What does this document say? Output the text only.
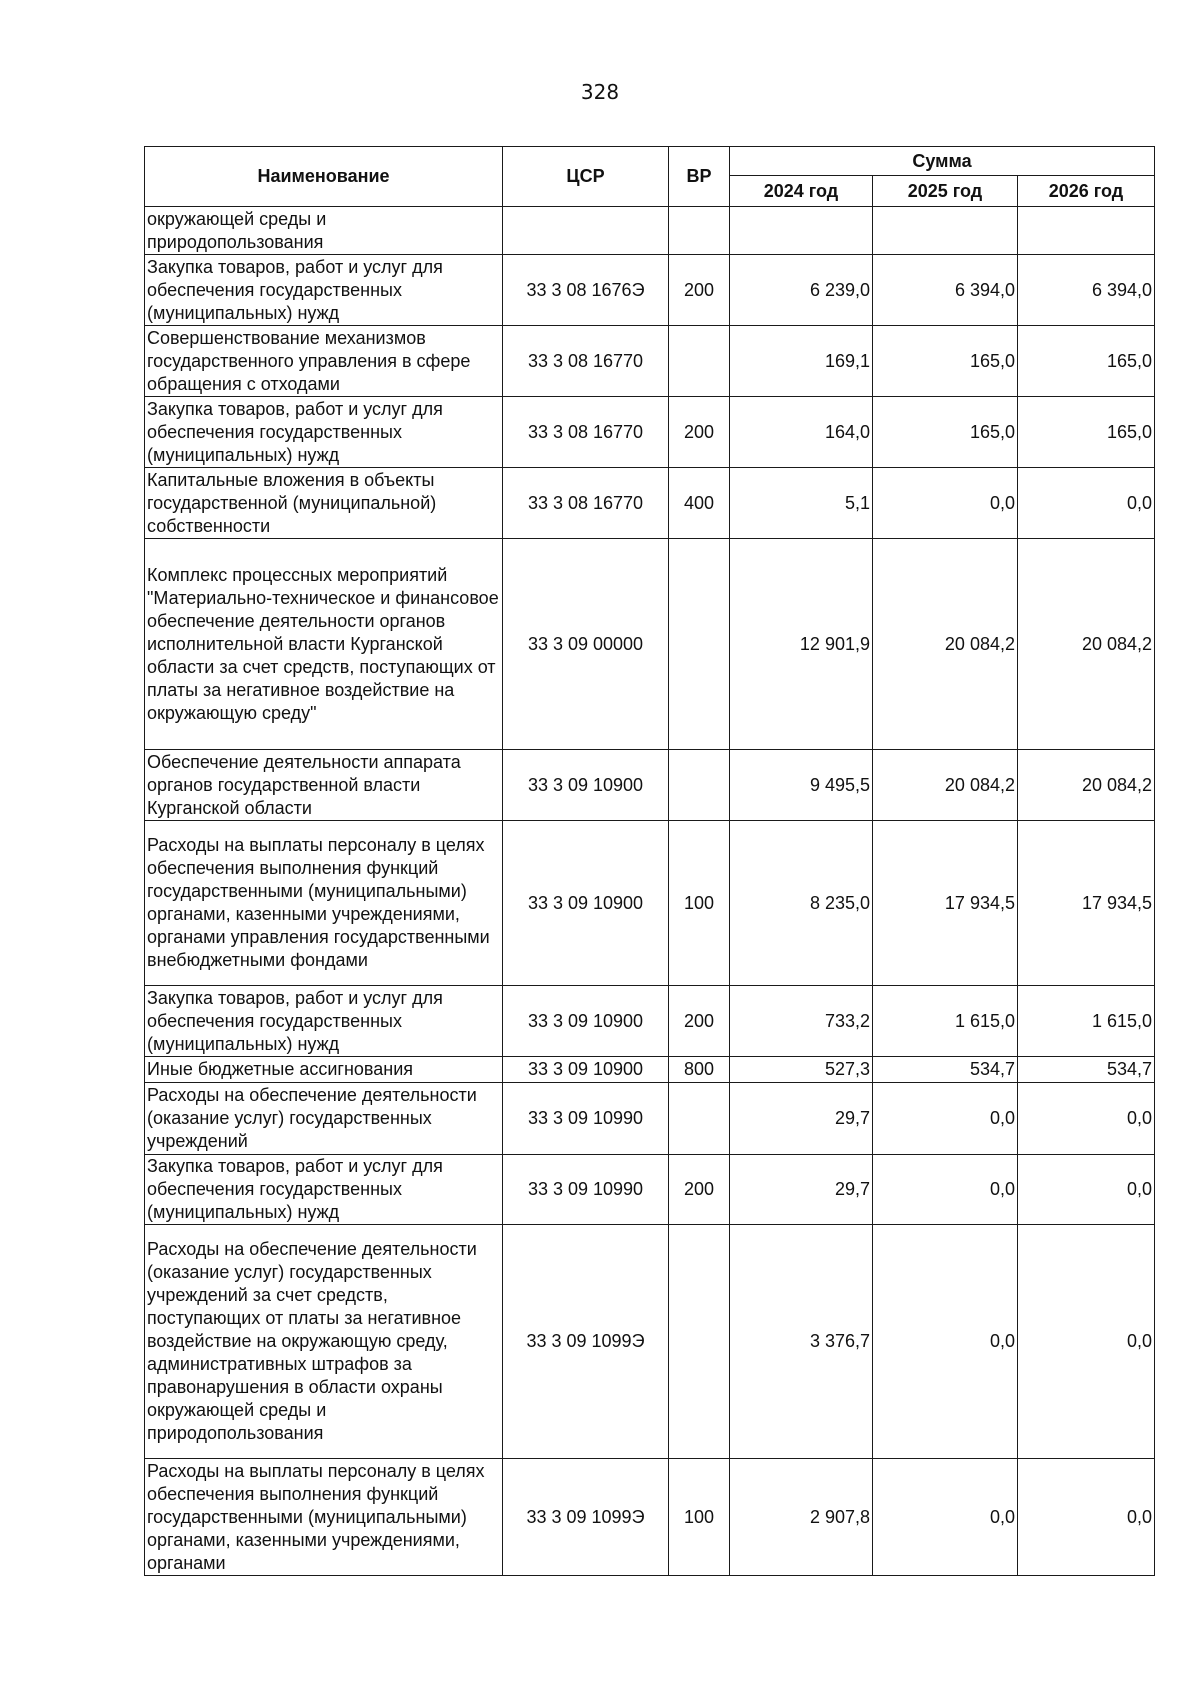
328
Наименование	ЦСР	ВР	Сумма		
			2024 год	2025 год	2026 год
окружающей среды и природопользования					
Закупка товаров, работ и услуг для обеспечения государственных (муниципальных) нужд	33 3 08 1676Э	200	6 239,0	6 394,0	6 394,0
Совершенствование механизмов государственного управления в сфере обращения с отходами	33 3 08 16770		169,1	165,0	165,0
Закупка товаров, работ и услуг для обеспечения государственных (муниципальных) нужд	33 3 08 16770	200	164,0	165,0	165,0
Капитальные вложения в объекты государственной (муниципальной) собственности	33 3 08 16770	400	5,1	0,0	0,0
Комплекс процессных мероприятий "Материально-техническое и финансовое обеспечение деятельности органов исполнительной власти Курганской области за счет средств, поступающих от платы за негативное воздействие на окружающую среду"	33 3 09 00000		12 901,9	20 084,2	20 084,2
Обеспечение деятельности аппарата органов государственной власти Курганской области	33 3 09 10900		9 495,5	20 084,2	20 084,2
Расходы на выплаты персоналу в целях обеспечения выполнения функций государственными (муниципальными) органами, казенными учреждениями, органами управления государственными внебюджетными фондами	33 3 09 10900	100	8 235,0	17 934,5	17 934,5
Закупка товаров, работ и услуг для обеспечения государственных (муниципальных) нужд	33 3 09 10900	200	733,2	1 615,0	1 615,0
Иные бюджетные ассигнования	33 3 09 10900	800	527,3	534,7	534,7
Расходы на обеспечение деятельности (оказание услуг) государственных учреждений	33 3 09 10990		29,7	0,0	0,0
Закупка товаров, работ и услуг для обеспечения государственных (муниципальных) нужд	33 3 09 10990	200	29,7	0,0	0,0
Расходы на обеспечение деятельности (оказание услуг) государственных учреждений за счет средств, поступающих от платы за негативное воздействие на окружающую среду, административных штрафов за правонарушения в области охраны окружающей среды и природопользования	33 3 09 1099Э		3 376,7	0,0	0,0
Расходы на выплаты персоналу в целях обеспечения выполнения функций государственными (муниципальными) органами, казенными учреждениями, органами	33 3 09 1099Э	100	2 907,8	0,0	0,0
